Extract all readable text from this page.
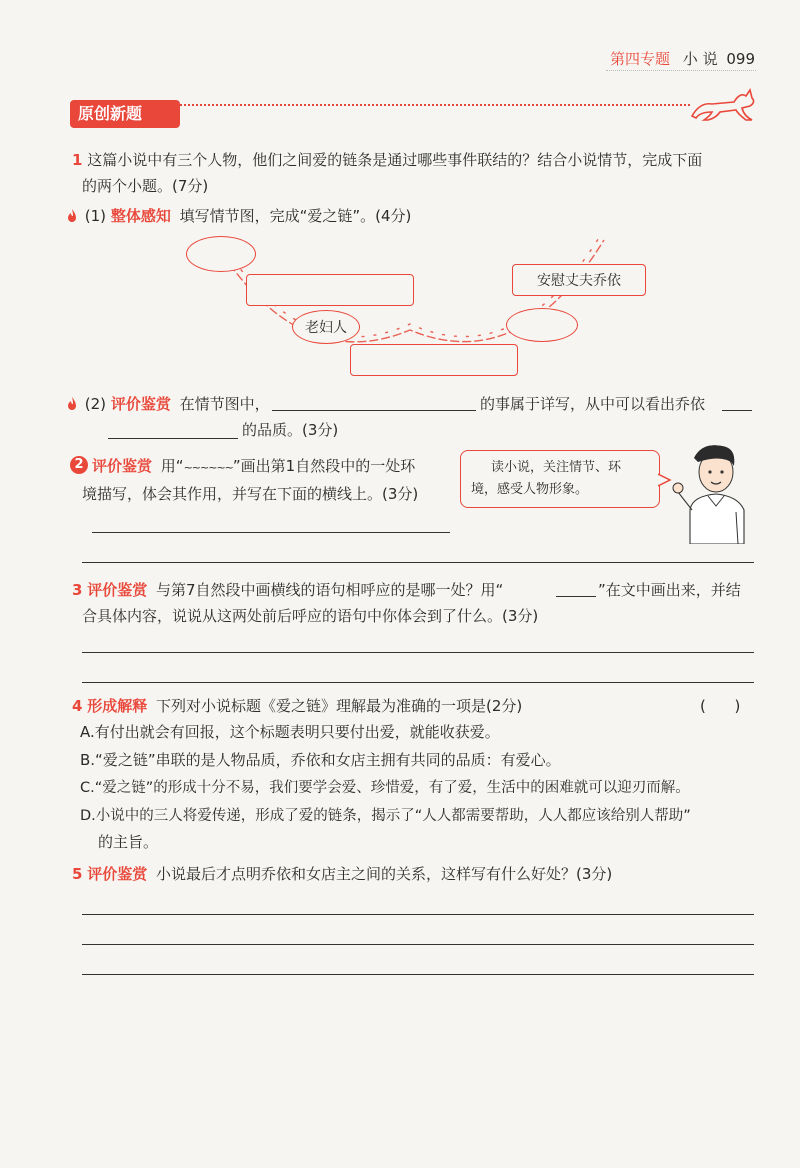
第四专题 小 说 099
原创新题
1 这篇小说中有三个人物，他们之间爱的链条是通过哪些事件联结的？结合小说情节，完成下面
的两个小题。(7分)
(1) 整体感知 填写情节图，完成“爱之链”。(4分)
安慰丈夫乔依
老妇人
(2) 评价鉴赏 在情节图中，	的事属于详写，从中可以看出乔依
的品质。(3分)
2 评价鉴赏 用“~~~~~~”画出第1自然段中的一处环
境描写，体会其作用，并写在下面的横线上。(3分)
读小说，关注情节、环
境，感受人物形象。
3 评价鉴赏 与第7自然段中画横线的语句相呼应的是哪一处？用“	”在文中画出来，并结
合具体内容，说说从这两处前后呼应的语句中你体会到了什么。(3分)
4 形成解释 下列对小说标题《爱之链》理解最为准确的一项是(2分)	(      )
A.有付出就会有回报，这个标题表明只要付出爱，就能收获爱。
B.“爱之链”串联的是人物品质，乔依和女店主拥有共同的品质：有爱心。
C.“爱之链”的形成十分不易，我们要学会爱、珍惜爱，有了爱，生活中的困难就可以迎刃而解。
D.小说中的三人将爱传递，形成了爱的链条，揭示了“人人都需要帮助，人人都应该给别人帮助”
的主旨。
5 评价鉴赏 小说最后才点明乔依和女店主之间的关系，这样写有什么好处？(3分)
